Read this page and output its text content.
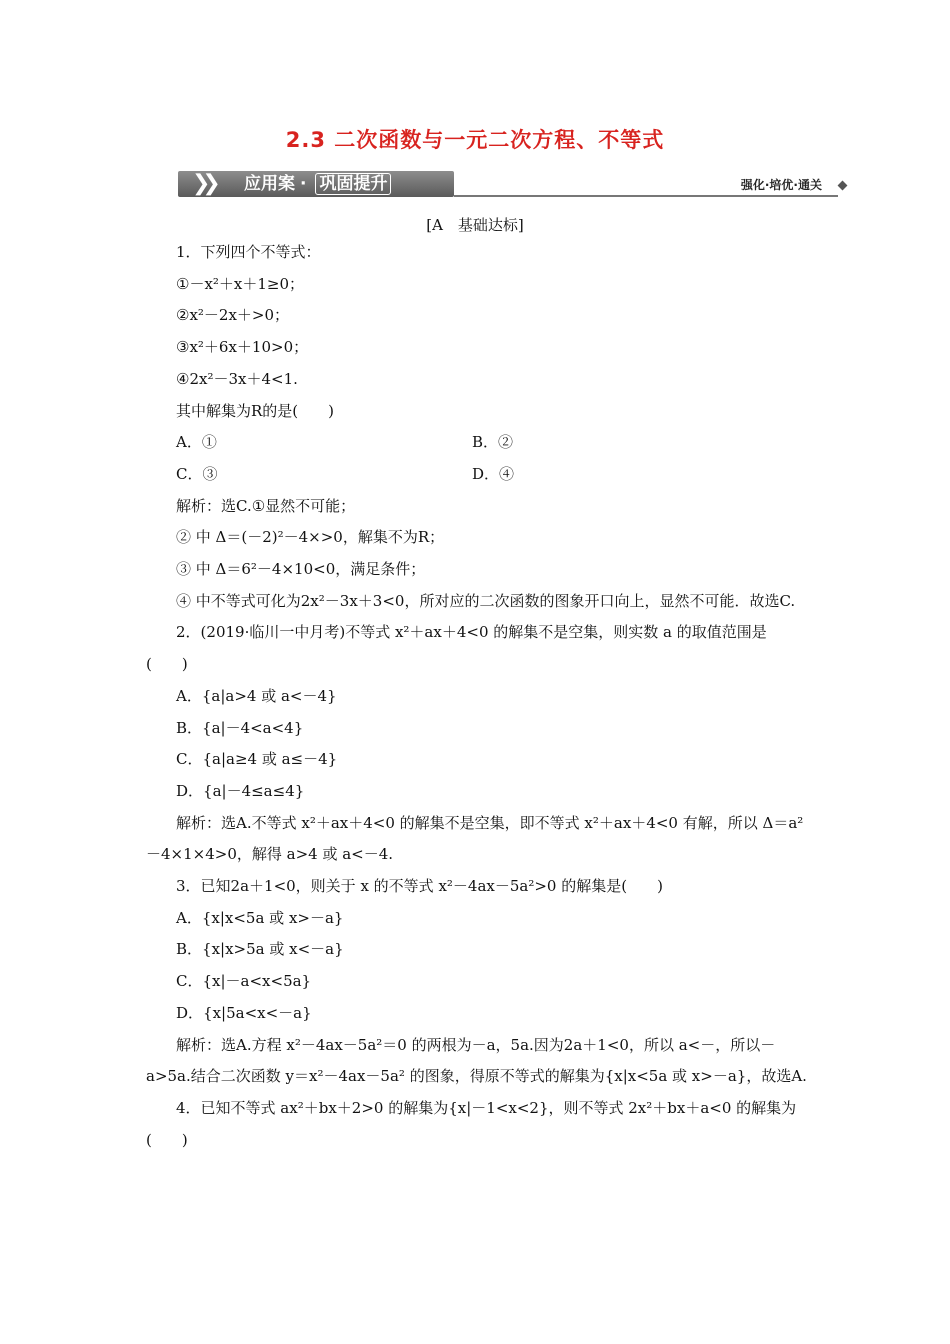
2.3 二次函数与一元二次方程、不等式
❯❯ 应用案 · 巩固提升	强化·培优·通关
[A　基础达标]

1．下列四个不等式：

①－x²＋x＋1≥0；

②x²－2x＋>0；

③x²＋6x＋10>0；

④2x²－3x＋4<1.

其中解集为R的是(　　)

A．①	B．②
C．③	D．④

解析：选C.①显然不可能；

② 中 Δ＝(－2)²－4×>0，解集不为R；

③ 中 Δ＝6²－4×10<0，满足条件；

④ 中不等式可化为2x²－3x＋3<0，所对应的二次函数的图象开口向上，显然不可能．故选C.

2．(2019·临川一中月考)不等式 x²＋ax＋4<0 的解集不是空集，则实数 a 的取值范围是(　　)

A．{a|a>4 或 a<－4}

B．{a|－4<a<4}

C．{a|a≥4 或 a≤－4}

D．{a|－4≤a≤4}

解析：选A.不等式 x²＋ax＋4<0 的解集不是空集，即不等式 x²＋ax＋4<0 有解，所以 Δ＝a²－4×1×4>0，解得 a>4 或 a<－4.

3．已知2a＋1<0，则关于 x 的不等式 x²－4ax－5a²>0 的解集是(　　)

A．{x|x<5a 或 x>－a}

B．{x|x>5a 或 x<－a}

C．{x|－a<x<5a}

D．{x|5a<x<－a}

解析：选A.方程 x²－4ax－5a²＝0 的两根为－a，5a.因为2a＋1<0，所以 a<－，所以－a>5a.结合二次函数 y＝x²－4ax－5a² 的图象，得原不等式的解集为{x|x<5a 或 x>－a}，故选A.

4．已知不等式 ax²＋bx＋2>0 的解集为{x|－1<x<2}，则不等式 2x²＋bx＋a<0 的解集为(　　)
